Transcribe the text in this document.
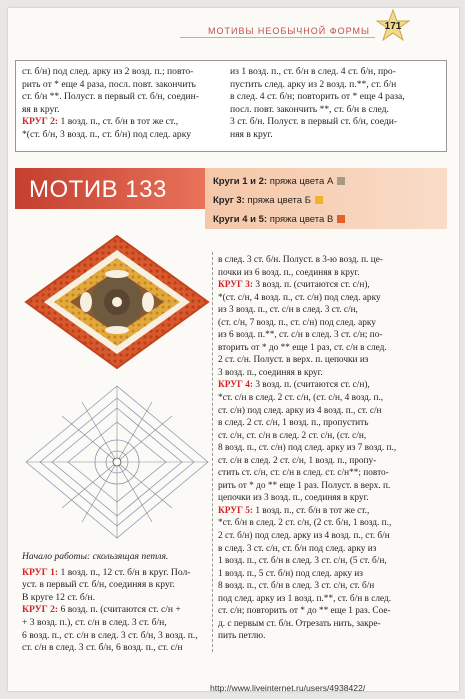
МОТИВЫ НЕОБЫЧНОЙ ФОРМЫ	171
ст. б/н) под след. арку из 2 возд. п.; повто-
рить от * еще 4 раза, посл. повт. закончить
ст. б/н **. Полуст. в первый ст. б/н, соедин-
яя в круг.
КРУГ 2: 1 возд. п., ст. б/н в тот же ст.,
*(ст. б/н, 3 возд. п., ст. б/н) под след. арку
из 1 возд. п., ст. б/н в след. 4 ст. б/н, про-
пустить след. арку из 2 возд. п.**, ст. б/н
в след. 4 ст. б/н; повторить от * еще 4 раза,
посл. повт. закончить **, ст. б/н в след.
3 ст. б/н. Полуст. в первый ст. б/н, соеди-
няя в круг.
МОТИВ 133	Круги 1 и 2: пряжа цвета А
Круг 3: пряжа цвета Б
Круги 4 и 5: пряжа цвета В
Начало работы: скользящая петля.
КРУГ 1: 1 возд. п., 12 ст. б/н в круг. Пол-
уст. в первый ст. б/н, соединяя в круг.
В круге 12 ст. б/н.
КРУГ 2: 6 возд. п. (считаются ст. с/н +
+ 3 возд. п.), ст. с/н в след. 3 ст. б/н,
6 возд. п., ст. с/н в след. 3 ст. б/н, 3 возд. п.,
ст. с/н в след. 3 ст. б/н, 6 возд. п., ст. с/н
в след. 3 ст. б/н. Полуст. в 3-ю возд. п. це-
почки из 6 возд. п., соединяя в круг.
КРУГ 3: 3 возд. п. (считаются ст. с/н),
*(ст. с/н, 4 возд. п., ст. с/н) под след. арку
из 3 возд. п., ст. с/н в след. 3 ст. с/н,
(ст. с/н, 7 возд. п., ст. с/н) под след. арку
из 6 возд. п.**, ст. с/н в след. 3 ст. с/н; по-
вторить от * до ** еще 1 раз, ст. с/н в след.
2 ст. с/н. Полуст. в верх. п. цепочки из
3 возд. п., соединяя в круг.
КРУГ 4: 3 возд. п. (считаются ст. с/н),
*ст. с/н в след. 2 ст. с/н, (ст. с/н, 4 возд. п.,
ст. с/н) под след. арку из 4 возд. п., ст. с/н
в след. 2 ст. с/н, 1 возд. п., пропустить
ст. с/н, ст. с/н в след. 2 ст. с/н, (ст. с/н,
8 возд. п., ст. с/н) под след. арку из 7 возд. п.,
ст. с/н в след. 2 ст. с/н, 1 возд. п., пропу-
стить ст. с/н, ст. с/н в след. ст. с/н**; повто-
рить от * до ** еще 1 раз. Полуст. в верх. п.
цепочки из 3 возд. п., соединяя в круг.
КРУГ 5: 1 возд. п., ст. б/н в тот же ст.,
*ст. б/н в след. 2 ст. с/н, (2 ст. б/н, 1 возд. п.,
2 ст. б/н) под след. арку из 4 возд. п., ст. б/н
в след. 3 ст. с/н, ст. б/н под след. арку из
1 возд. п., ст. б/н в след. 3 ст. с/н, (5 ст. б/н,
1 возд. п., 5 ст. б/н) под след. арку из
8 возд. п., ст. б/н в след. 3 ст. с/н, ст. б/н
под след. арку из 1 возд. п.**, ст. б/н в след.
ст. с/н; повторить от * до ** еще 1 раз. Сое-
д. с первым ст. б/н. Отрезать нить, закре-
пить петлю.
http://www.liveinternet.ru/users/4938422/
